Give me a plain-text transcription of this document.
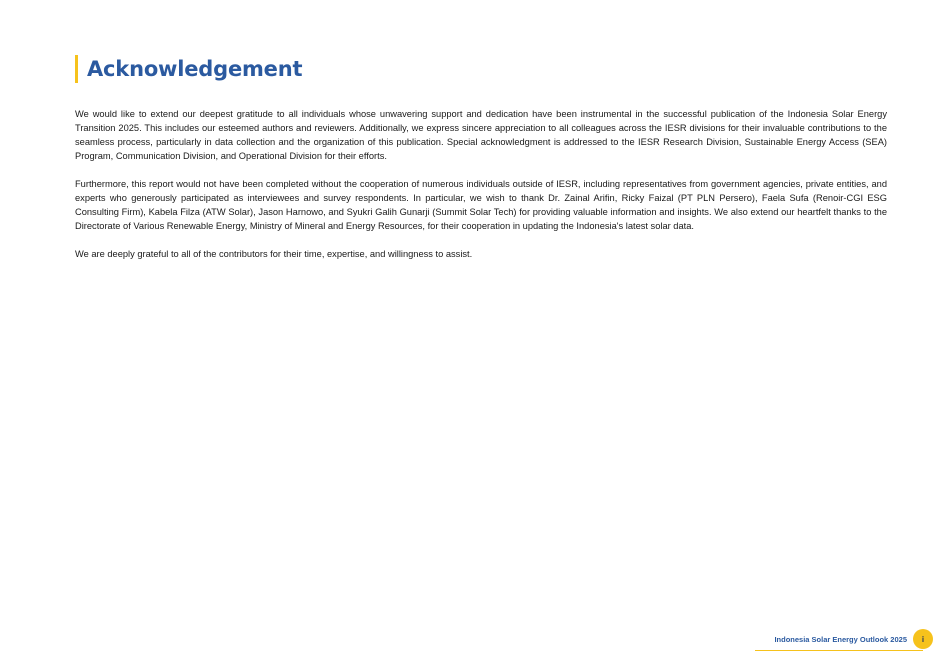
Acknowledgement

We would like to extend our deepest gratitude to all individuals whose unwavering support and dedication have been instrumental in the successful publication of the Indonesia Solar Energy Transition 2025. This includes our esteemed authors and reviewers. Additionally, we express sincere appreciation to all colleagues across the IESR divisions for their invaluable contributions to the seamless process, particularly in data collection and the organization of this publication. Special acknowledgment is addressed to the IESR Research Division, Sustainable Energy Access (SEA) Program, Communication Division, and Operational Division for their efforts.

Furthermore, this report would not have been completed without the cooperation of numerous individuals outside of IESR, including representatives from government agencies, private entities, and experts who generously participated as interviewees and survey respondents. In particular, we wish to thank Dr. Zainal Arifin, Ricky Faizal (PT PLN Persero), Faela Sufa (Renoir-CGI ESG Consulting Firm), Kabela Filza (ATW Solar), Jason Harnowo, and Syukri Galih Gunarji (Summit Solar Tech) for providing valuable information and insights. We also extend our heartfelt thanks to the Directorate of Various Renewable Energy, Ministry of Mineral and Energy Resources, for their cooperation in updating the Indonesia's latest solar data.

We are deeply grateful to all of the contributors for their time, expertise, and willingness to assist.

Indonesia Solar Energy Outlook 2025	i
